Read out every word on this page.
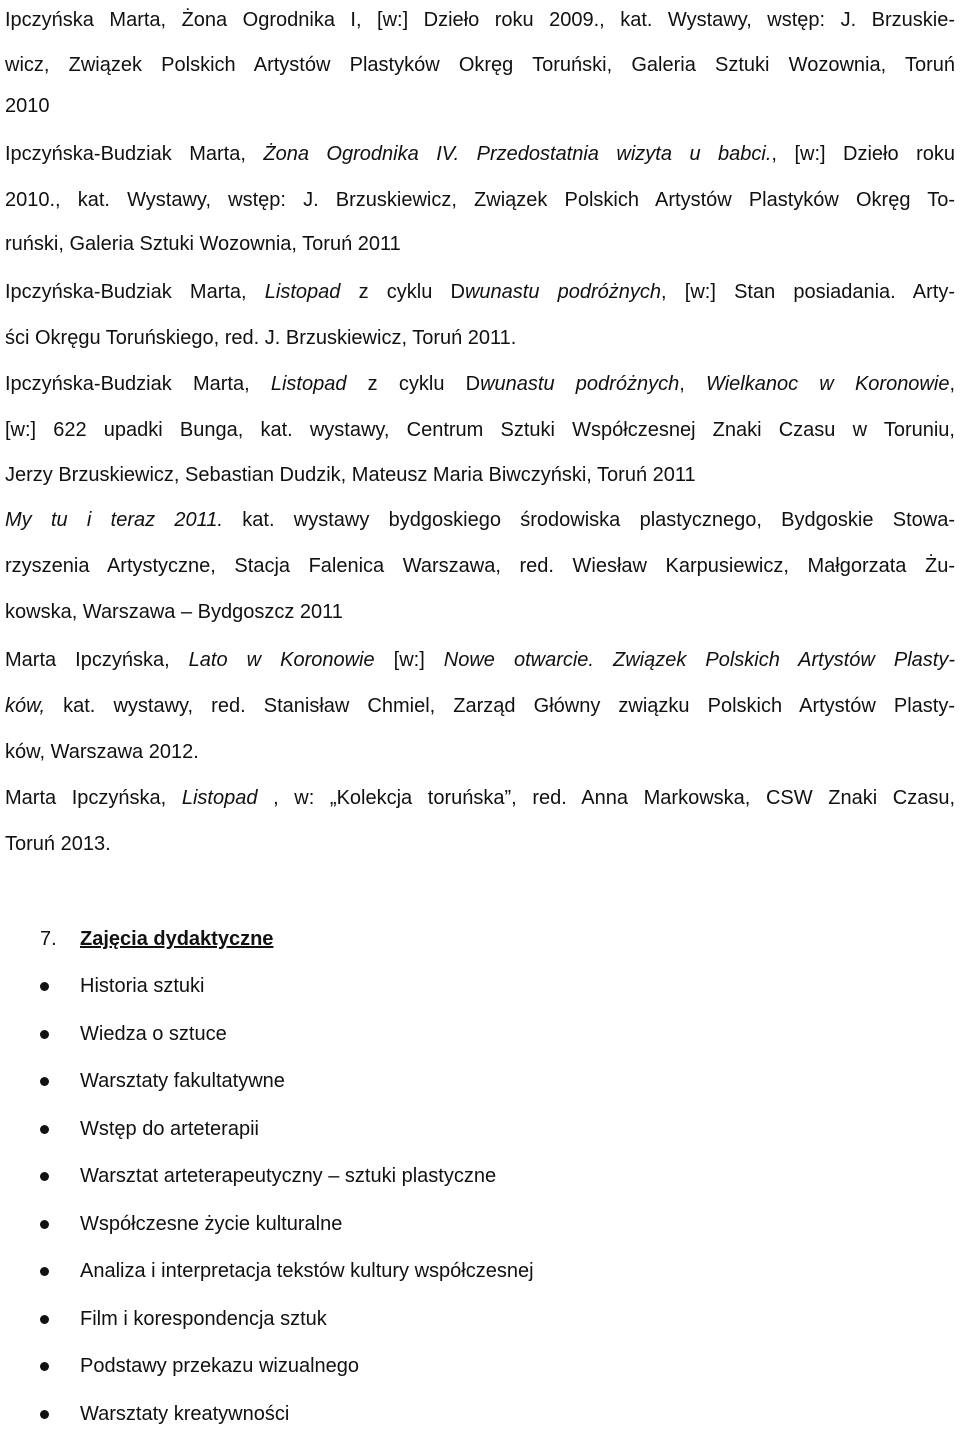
Ipczyńska Marta, Żona Ogrodnika I, [w:] Dzieło roku 2009., kat. Wystawy, wstęp: J. Brzuskie-
wicz, Związek Polskich Artystów Plastyków Okręg Toruński, Galeria Sztuki Wozownia, Toruń
2010
Ipczyńska-Budziak Marta, Żona Ogrodnika IV. Przedostatnia wizyta u babci., [w:] Dzieło roku
2010., kat. Wystawy, wstęp: J. Brzuskiewicz, Związek Polskich Artystów Plastyków Okręg To-
ruński, Galeria Sztuki Wozownia, Toruń 2011
Ipczyńska-Budziak Marta, Listopad z cyklu Dwunastu podróżnych, [w:] Stan posiadania. Arty-
ści Okręgu Toruńskiego, red. J. Brzuskiewicz, Toruń 2011.
Ipczyńska-Budziak Marta, Listopad z cyklu Dwunastu podróżnych, Wielkanoc w Koronowie,
[w:] 622 upadki Bunga, kat. wystawy, Centrum Sztuki Współczesnej Znaki Czasu w Toruniu,
Jerzy Brzuskiewicz, Sebastian Dudzik, Mateusz Maria Biwczyński, Toruń 2011
My tu i teraz 2011. kat. wystawy bydgoskiego środowiska plastycznego, Bydgoskie Stowa-
rzyszenia Artystyczne, Stacja Falenica Warszawa, red. Wiesław Karpusiewicz, Małgorzata Żu-
kowska, Warszawa – Bydgoszcz 2011
Marta Ipczyńska, Lato w Koronowie [w:] Nowe otwarcie. Związek Polskich Artystów Plasty-
ków, kat. wystawy, red. Stanisław Chmiel, Zarząd Główny związku Polskich Artystów Plasty-
ków, Warszawa 2012.
Marta Ipczyńska, Listopad , w: „Kolekcja toruńska”, red. Anna Markowska, CSW Znaki Czasu,
Toruń 2013.
7. Zajęcia dydaktyczne
Historia sztuki
Wiedza o sztuce
Warsztaty fakultatywne
Wstęp do arteterapii
Warsztat arteterapeutyczny – sztuki plastyczne
Współczesne życie kulturalne
Analiza i interpretacja tekstów kultury współczesnej
Film i korespondencja sztuk
Podstawy przekazu wizualnego
Warsztaty kreatywności
